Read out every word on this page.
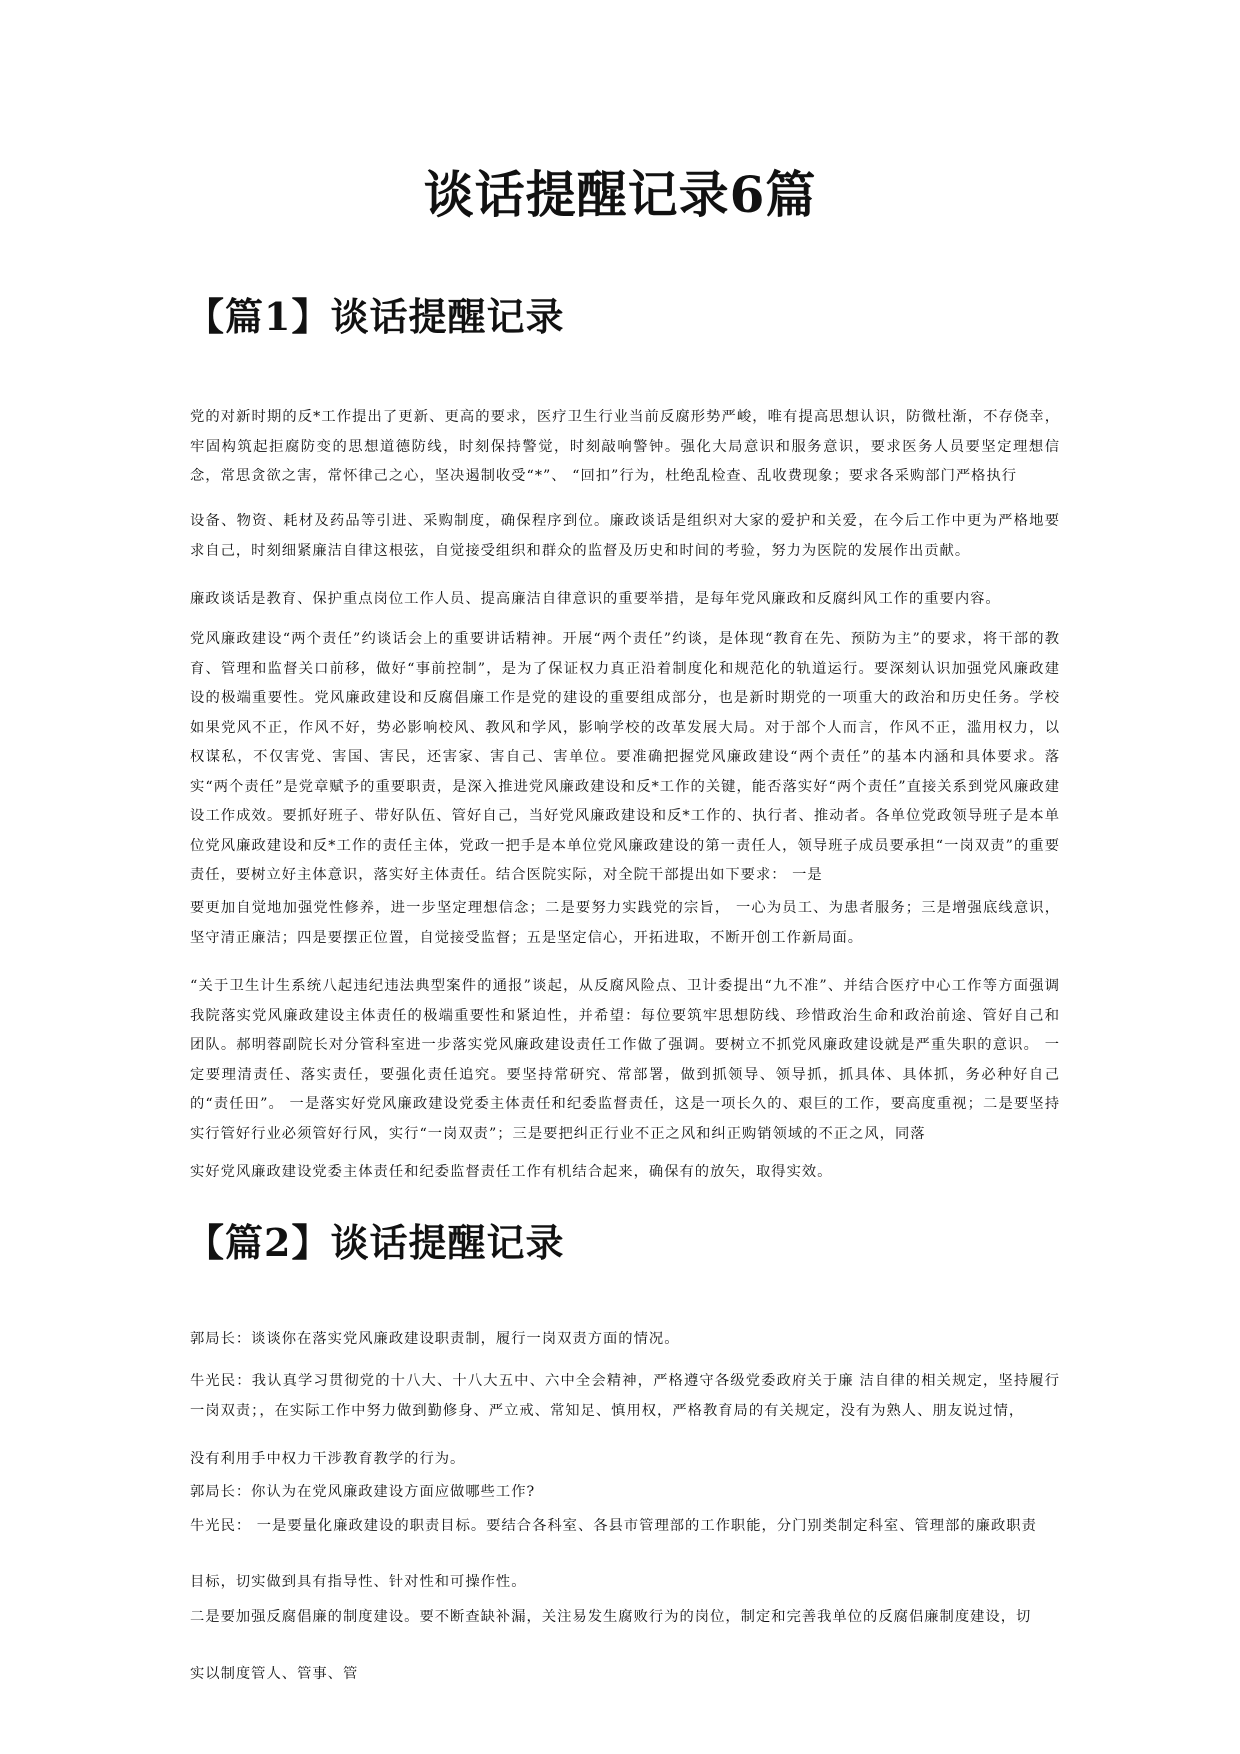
谈话提醒记录6篇
【篇1】谈话提醒记录

党的对新时期的反*工作提出了更新、更高的要求，医疗卫生行业当前反腐形势严峻，唯有提高思想认识，防微杜渐，不存侥幸，牢固构筑起拒腐防变的思想道德防线，时刻保持警觉，时刻敲响警钟。强化大局意识和服务意识，要求医务人员要坚定理想信念，常思贪欲之害，常怀律己之心，坚决遏制收受“*”、 “回扣”行为，杜绝乱检查、乱收费现象；要求各采购部门严格执行

设备、物资、耗材及药品等引进、采购制度，确保程序到位。廉政谈话是组织对大家的爱护和关爱，在今后工作中更为严格地要求自己，时刻细紧廉洁自律这根弦，自觉接受组织和群众的监督及历史和时间的考验，努力为医院的发展作出贡献。

廉政谈话是教育、保护重点岗位工作人员、提高廉洁自律意识的重要举措，是每年党风廉政和反腐纠风工作的重要内容。

党风廉政建设“两个责任”约谈话会上的重要讲话精神。开展“两个责任”约谈，是体现“教育在先、预防为主”的要求，将干部的教育、管理和监督关口前移，做好“事前控制”，是为了保证权力真正沿着制度化和规范化的轨道运行。要深刻认识加强党风廉政建设的极端重要性。党风廉政建设和反腐倡廉工作是党的建设的重要组成部分，也是新时期党的一项重大的政治和历史任务。学校如果党风不正，作风不好，势必影响校风、教风和学风，影响学校的改革发展大局。对于部个人而言，作风不正，滥用权力，以权谋私，不仅害党、害国、害民，还害家、害自己、害单位。要准确把握党风廉政建设“两个责任”的基本内涵和具体要求。落实“两个责任”是党章赋予的重要职责，是深入推进党风廉政建设和反*工作的关键，能否落实好“两个责任”直接关系到党风廉政建设工作成效。要抓好班子、带好队伍、管好自己，当好党风廉政建设和反*工作的、执行者、推动者。各单位党政领导班子是本单位党风廉政建设和反*工作的责任主体，党政一把手是本单位党风廉政建设的第一责任人，领导班子成员要承担“一岗双责”的重要责任，要树立好主体意识，落实好主体责任。结合医院实际，对全院干部提出如下要求： 一是

要更加自觉地加强党性修养，进一步坚定理想信念；二是要努力实践党的宗旨， 一心为员工、为患者服务；三是增强底线意识，坚守清正廉洁；四是要摆正位置，自觉接受监督；五是坚定信心，开拓进取，不断开创工作新局面。

“关于卫生计生系统八起违纪违法典型案件的通报”谈起，从反腐风险点、卫计委提出“九不准”、并结合医疗中心工作等方面强调我院落实党风廉政建设主体责任的极端重要性和紧迫性，并希望：每位要筑牢思想防线、珍惜政治生命和政治前途、管好自己和团队。郝明蓉副院长对分管科室进一步落实党风廉政建设责任工作做了强调。要树立不抓党风廉政建设就是严重失职的意识。 一定要理清责任、落实责任，要强化责任追究。要坚持常研究、常部署，做到抓领导、领导抓，抓具体、具体抓，务必种好自己的“责任田”。 一是落实好党风廉政建设党委主体责任和纪委监督责任，这是一项长久的、艰巨的工作，要高度重视；二是要坚持实行管好行业必须管好行风，实行“一岗双责”；三是要把纠正行业不正之风和纠正购销领域的不正之风，同落

实好党风廉政建设党委主体责任和纪委监督责任工作有机结合起来，确保有的放矢，取得实效。

【篇2】谈话提醒记录

郭局长：谈谈你在落实党风廉政建设职责制，履行一岗双责方面的情况。

牛光民：我认真学习贯彻党的十八大、十八大五中、六中全会精神，严格遵守各级党委政府关于廉 洁自律的相关规定，坚持履行一岗双责；，在实际工作中努力做到勤修身、严立戒、常知足、慎用权，严格教育局的有关规定，没有为熟人、朋友说过情，

没有利用手中权力干涉教育教学的行为。

郭局长：你认为在党风廉政建设方面应做哪些工作?

牛光民： 一是要量化廉政建设的职责目标。要结合各科室、各县市管理部的工作职能，分门别类制定科室、管理部的廉政职责

目标，切实做到具有指导性、针对性和可操作性。

二是要加强反腐倡廉的制度建设。要不断查缺补漏，关注易发生腐败行为的岗位，制定和完善我单位的反腐侣廉制度建设，切

实以制度管人、管事、管
